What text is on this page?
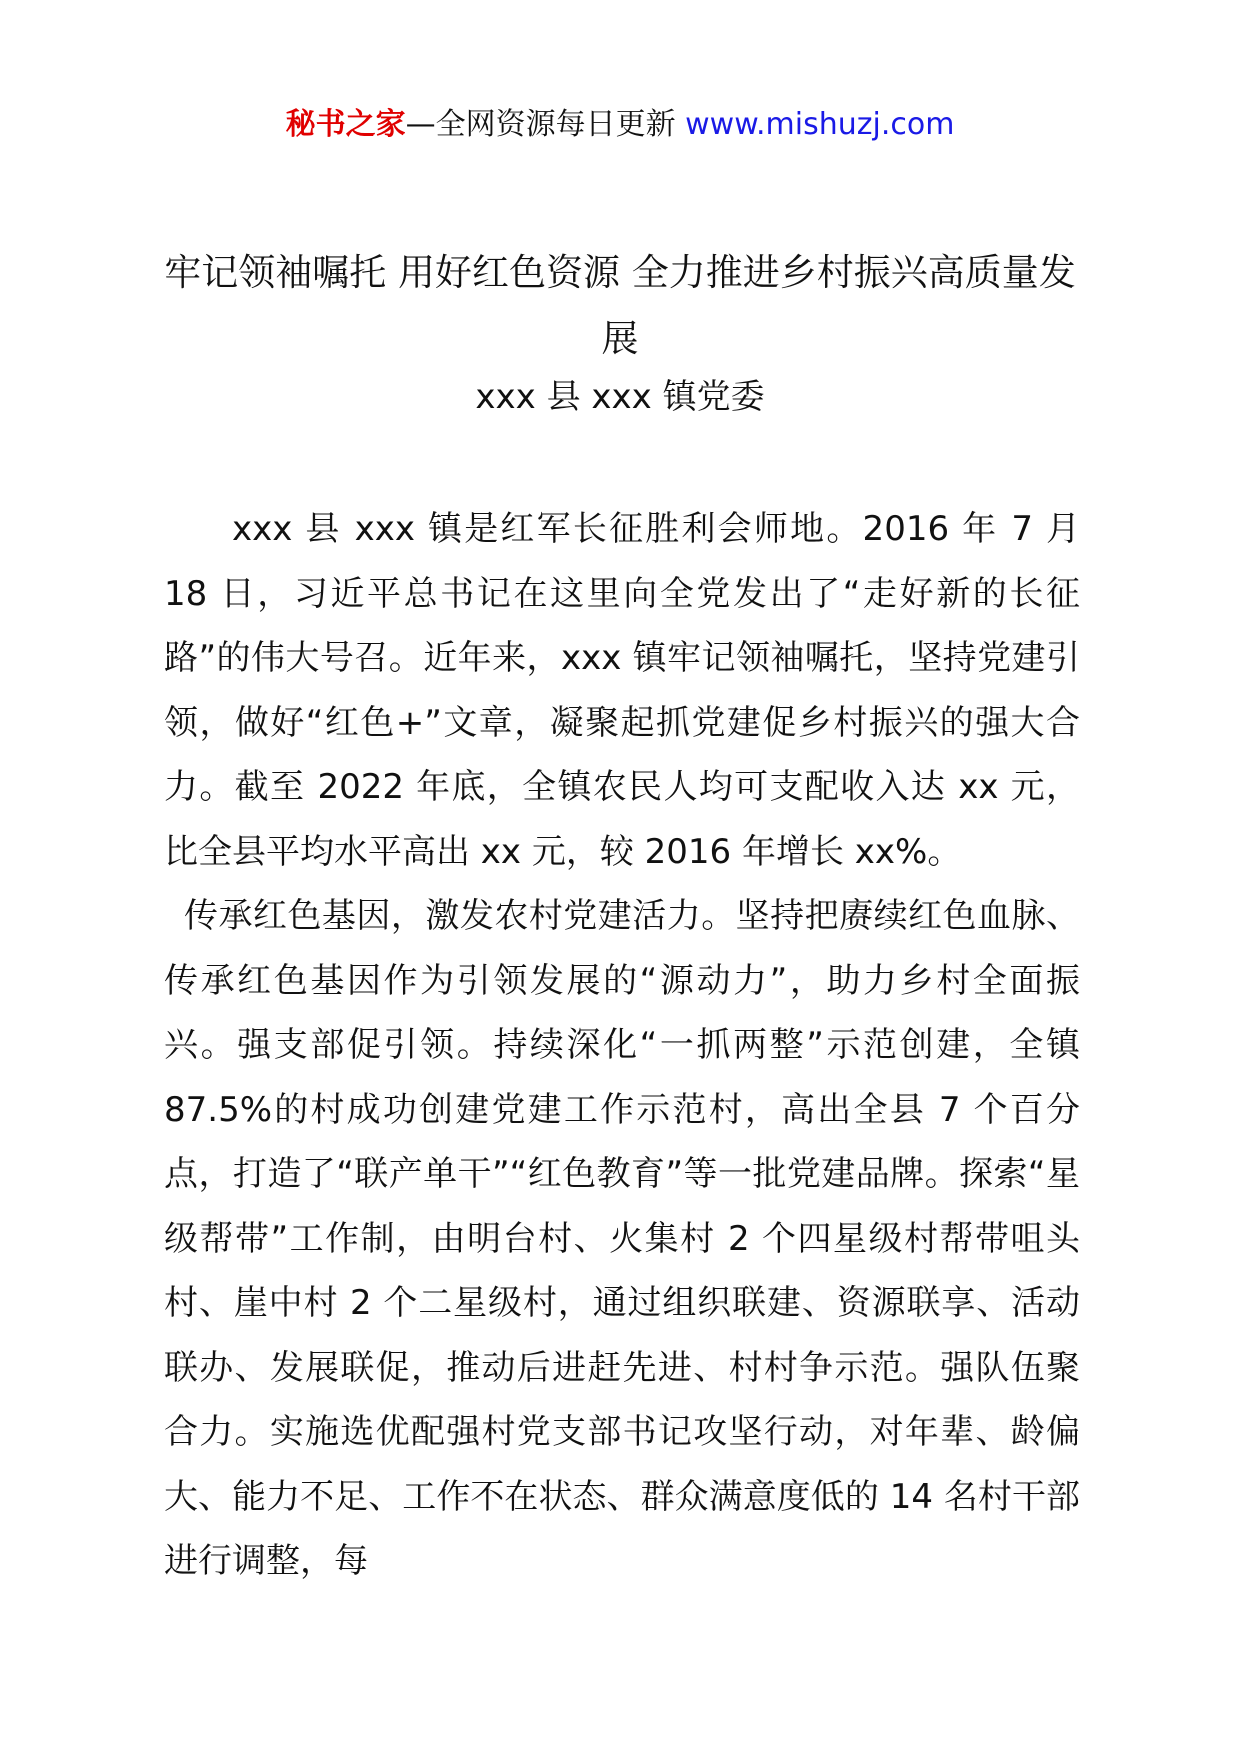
秘书之家—全网资源每日更新 www.mishuzj.com
牢记领袖嘱托 用好红色资源 全力推进乡村振兴高质量发展
xxx 县 xxx 镇党委

xxx 县 xxx 镇是红军长征胜利会师地。2016 年 7 月 18 日，习近平总书记在这里向全党发出了“走好新的长征路”的伟大号召。近年来，xxx 镇牢记领袖嘱托，坚持党建引领，做好“红色+”文章，凝聚起抓党建促乡村振兴的强大合力。截至 2022 年底，全镇农民人均可支配收入达 xx 元，比全县平均水平高出 xx 元，较 2016 年增长 xx%。

传承红色基因，激发农村党建活力。坚持把赓续红色血脉、传承红色基因作为引领发展的“源动力”，助力乡村全面振兴。强支部促引领。持续深化“一抓两整”示范创建，全镇 87.5%的村成功创建党建工作示范村，高出全县 7 个百分点，打造了“联产单干”“红色教育”等一批党建品牌。探索“星级帮带”工作制，由明台村、火集村 2 个四星级村帮带咀头村、崖中村 2 个二星级村，通过组织联建、资源联享、活动联办、发展联促，推动后进赶先进、村村争示范。强队伍聚合力。实施选优配强村党支部书记攻坚行动，对年辈、龄偏大、能力不足、工作不在状态、群众满意度低的 14 名村干部进行调整，每
